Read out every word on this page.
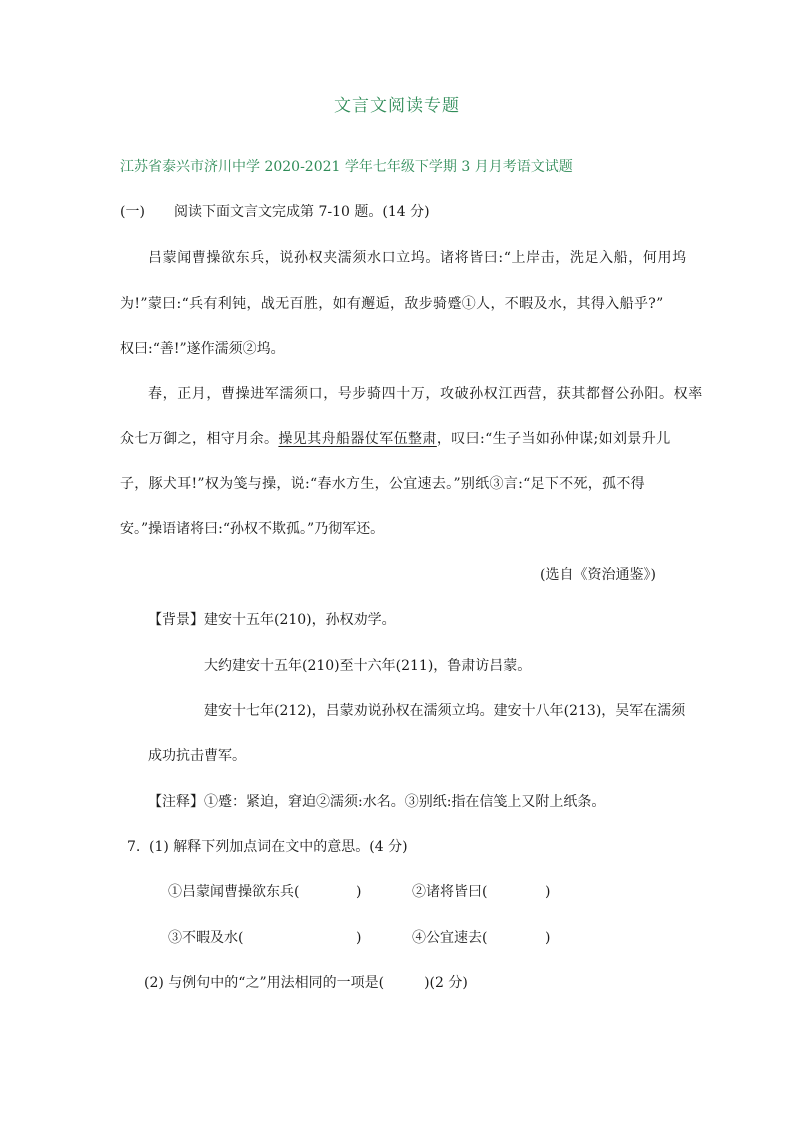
文言文阅读专题
江苏省泰兴市济川中学 2020-2021 学年七年级下学期 3 月月考语文试题
(一) 阅读下面文言文完成第 7-10 题。(14 分)
吕蒙闻曹操欲东兵，说孙权夹濡须水口立坞。诸将皆曰:“上岸击，洗足入船，何用坞
为!”蒙曰:“兵有利钝，战无百胜，如有邂逅，敌步骑蹙①人，不暇及水，其得入船乎?”
权曰:“善!”遂作濡须②坞。
春，正月，曹操进军濡须口，号步骑四十万，攻破孙权江西营，获其都督公孙阳。权率
众七万御之，相守月余。操见其舟船器仗军伍整肃，叹曰:“生子当如孙仲谋;如刘景升儿
子，豚犬耳!”权为笺与操，说:“春水方生，公宜速去。”别纸③言:“足下不死，孤不得
安。”操语诸将曰:“孙权不欺孤。”乃彻军还。
(选自《资治通鉴》)
【背景】建安十五年(210)，孙权劝学。
大约建安十五年(210)至十六年(211)，鲁肃访吕蒙。
建安十七年(212)，吕蒙劝说孙权在濡须立坞。建安十八年(213)，吴军在濡须
成功抗击曹军。
【注释】①蹙：紧迫，窘迫②濡须:水名。③别纸:指在信笺上又附上纸条。
7. (1) 解释下列加点词在文中的意思。(4 分)
①吕蒙闻曹操欲东兵(	)	②诸将皆曰(	)
③不暇及水(	)	④公宜速去(	)
(2) 与例句中的“之”用法相同的一项是(	)(2 分)
